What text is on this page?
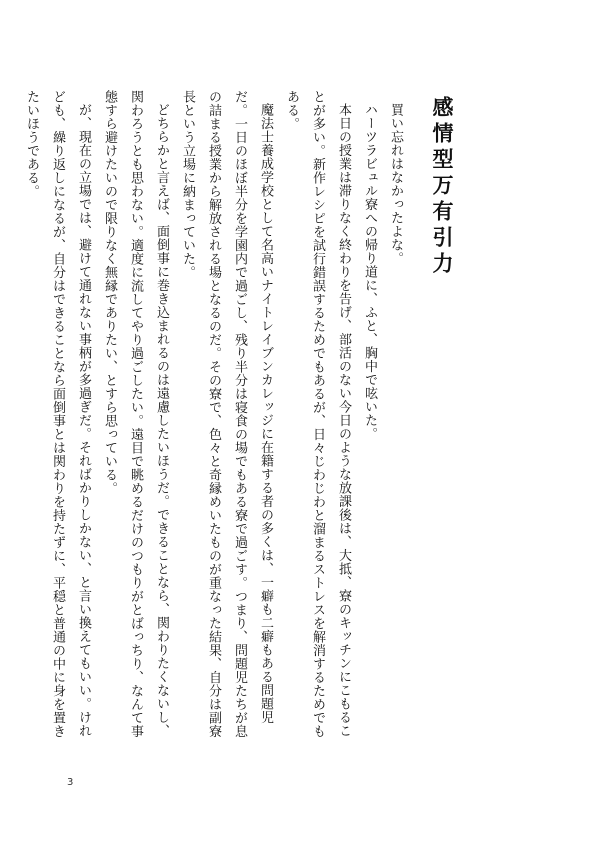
感情型万有引力

買い忘れはなかったよな。

ハーツラビュル寮への帰り道に、ふと、胸中で呟いた。

本日の授業は滞りなく終わりを告げ、部活のない今日のような放課後は、大抵、寮のキッチンにこもることが多い。新作レシピを試行錯誤するためでもあるが、日々じわじわと溜まるストレスを解消するためでもある。

魔法士養成学校として名高いナイトレイブンカレッジに在籍する者の多くは、一癖も二癖もある問題児だ。一日のほぼ半分を学園内で過ごし、残り半分は寝食の場でもある寮で過ごす。つまり、問題児たちが息の詰まる授業から解放される場となるのだ。その寮で、色々と奇縁めいたものが重なった結果、自分は副寮長という立場に納まっていた。

どちらかと言えば、面倒事に巻き込まれるのは遠慮したいほうだ。できることなら、関わりたくないし、関わろうとも思わない。適度に流してやり過ごしたい。遠目で眺めるだけのつもりがとばっちり、なんて事態すら避けたいので限りなく無縁でありたい、とすら思っている。

が、現在の立場では、避けて通れない事柄が多過ぎだ。そればかりしかない、と言い換えてもいい。けれども、繰り返しになるが、自分はできることなら面倒事とは関わりを持たずに、平穏と普通の中に身を置きたいほうである。

3
